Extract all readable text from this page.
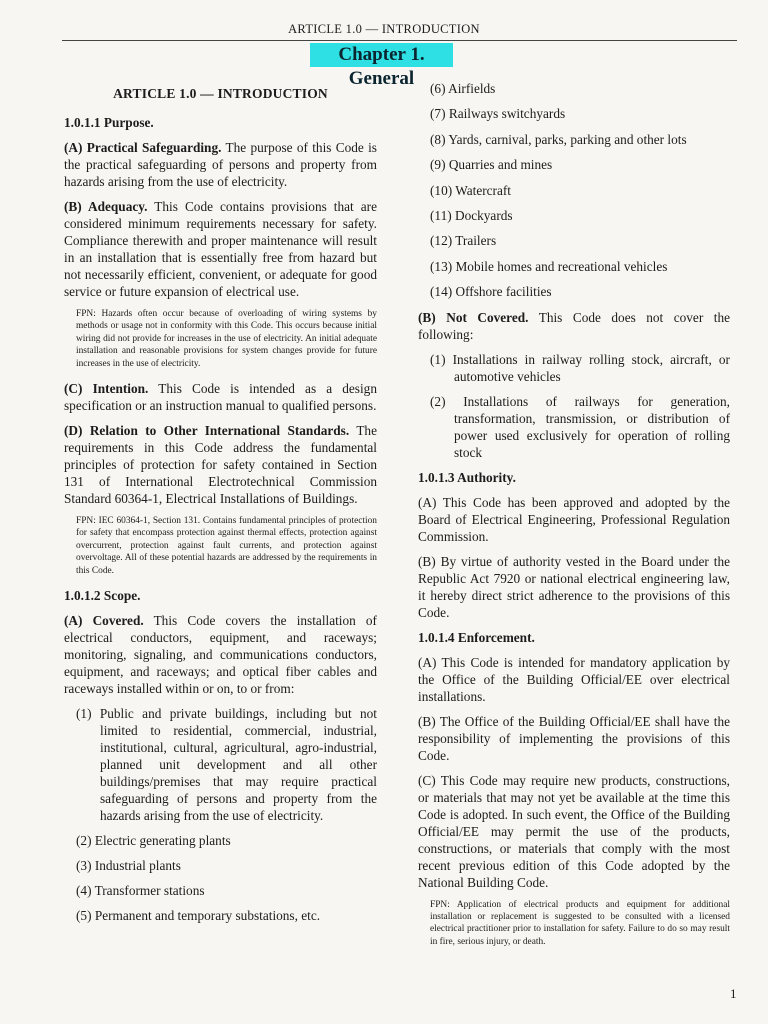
ARTICLE 1.0 — INTRODUCTION
Chapter 1. General
ARTICLE 1.0 — INTRODUCTION
1.0.1.1 Purpose.

(A) Practical Safeguarding. The purpose of this Code is the practical safeguarding of persons and property from hazards arising from the use of electricity.

(B) Adequacy. This Code contains provisions that are considered minimum requirements necessary for safety. Compliance therewith and proper maintenance will result in an installation that is essentially free from hazard but not necessarily efficient, convenient, or adequate for good service or future expansion of electrical use.

FPN: Hazards often occur because of overloading of wiring systems by methods or usage not in conformity with this Code. This occurs because initial wiring did not provide for increases in the use of electricity. An initial adequate installation and reasonable provisions for system changes provide for future increases in the use of electricity.

(C) Intention. This Code is intended as a design specification or an instruction manual to qualified persons.

(D) Relation to Other International Standards. The requirements in this Code address the fundamental principles of protection for safety contained in Section 131 of International Electrotechnical Commission Standard 60364-1, Electrical Installations of Buildings.

FPN: IEC 60364-1, Section 131. Contains fundamental principles of protection for safety that encompass protection against thermal effects, protection against overcurrent, protection against fault currents, and protection against overvoltage. All of these potential hazards are addressed by the requirements in this Code.
1.0.1.2 Scope.

(A) Covered. This Code covers the installation of electrical conductors, equipment, and raceways; monitoring, signaling, and communications conductors, equipment, and raceways; and optical fiber cables and raceways installed within or on, to or from:

(1) Public and private buildings, including but not limited to residential, commercial, industrial, institutional, cultural, agricultural, agro-industrial, planned unit development and all other buildings/premises that may require practical safeguarding of persons and property from the hazards arising from the use of electricity.
(2) Electric generating plants
(3) Industrial plants
(4) Transformer stations
(5) Permanent and temporary substations, etc.
(6) Airfields
(7) Railways switchyards
(8) Yards, carnival, parks, parking and other lots
(9) Quarries and mines
(10) Watercraft
(11) Dockyards
(12) Trailers
(13) Mobile homes and recreational vehicles
(14) Offshore facilities

(B) Not Covered. This Code does not cover the following:

(1) Installations in railway rolling stock, aircraft, or automotive vehicles
(2) Installations of railways for generation, transformation, transmission, or distribution of power used exclusively for operation of rolling stock
1.0.1.3 Authority.

(A) This Code has been approved and adopted by the Board of Electrical Engineering, Professional Regulation Commission.

(B) By virtue of authority vested in the Board under the Republic Act 7920 or national electrical engineering law, it hereby direct strict adherence to the provisions of this Code.

1.0.1.4 Enforcement.

(A) This Code is intended for mandatory application by the Office of the Building Official/EE over electrical installations.

(B) The Office of the Building Official/EE shall have the responsibility of implementing the provisions of this Code.

(C) This Code may require new products, constructions, or materials that may not yet be available at the time this Code is adopted. In such event, the Office of the Building Official/EE may permit the use of the products, constructions, or materials that comply with the most recent previous edition of this Code adopted by the National Building Code.

FPN: Application of electrical products and equipment for additional installation or replacement is suggested to be consulted with a licensed electrical practitioner prior to installation for safety. Failure to do so may result in fire, serious injury, or death.
1
